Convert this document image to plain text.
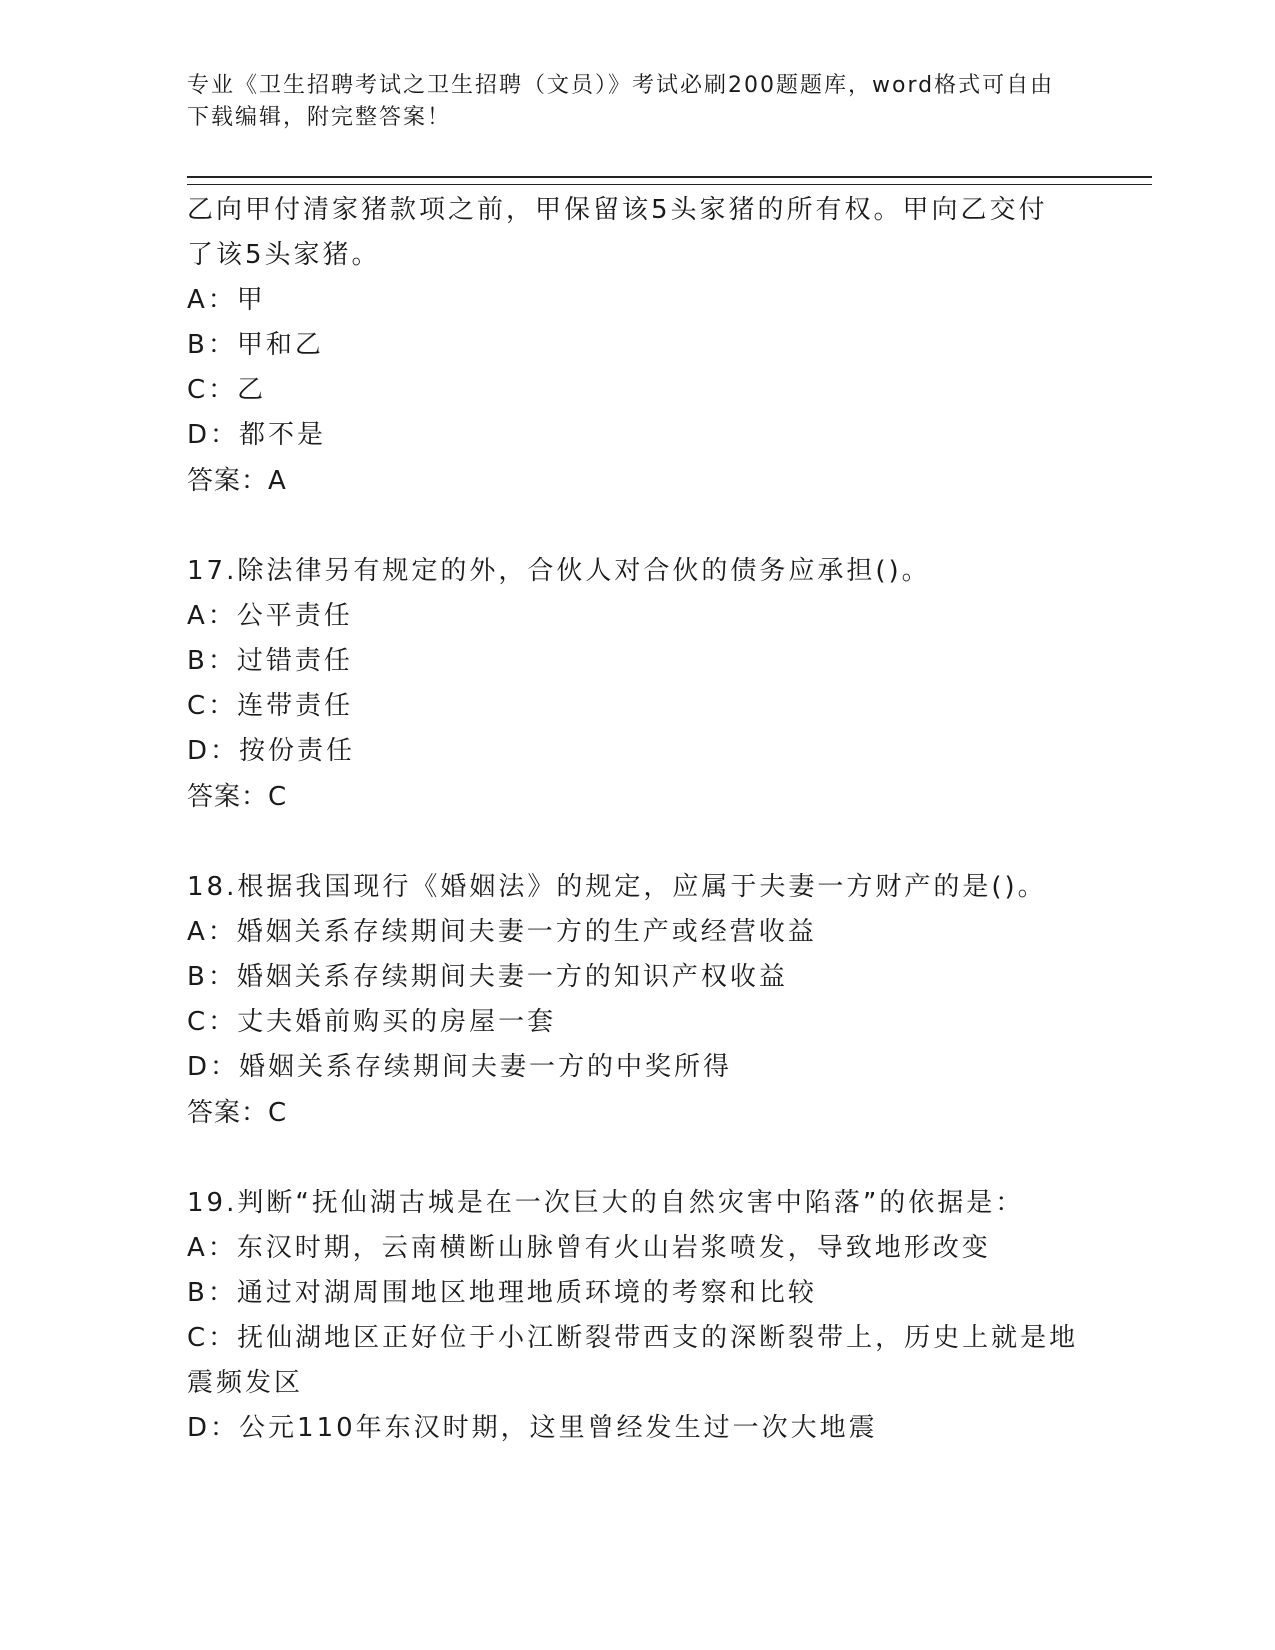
专业《卫生招聘考试之卫生招聘（文员）》考试必刷200题题库，word格式可自由下载编辑，附完整答案！
乙向甲付清家猪款项之前，甲保留该5头家猪的所有权。甲向乙交付
了该5头家猪。
A：甲
B：甲和乙
C：乙
D：都不是
答案：A
17.除法律另有规定的外，合伙人对合伙的债务应承担()。
A：公平责任
B：过错责任
C：连带责任
D：按份责任
答案：C
18.根据我国现行《婚姻法》的规定，应属于夫妻一方财产的是()。
A：婚姻关系存续期间夫妻一方的生产或经营收益
B：婚姻关系存续期间夫妻一方的知识产权收益
C：丈夫婚前购买的房屋一套
D：婚姻关系存续期间夫妻一方的中奖所得
答案：C
19.判断“抚仙湖古城是在一次巨大的自然灾害中陷落”的依据是：
A：东汉时期，云南横断山脉曾有火山岩浆喷发，导致地形改变
B：通过对湖周围地区地理地质环境的考察和比较
C：抚仙湖地区正好位于小江断裂带西支的深断裂带上，历史上就是地震频发区
D：公元110年东汉时期，这里曾经发生过一次大地震
